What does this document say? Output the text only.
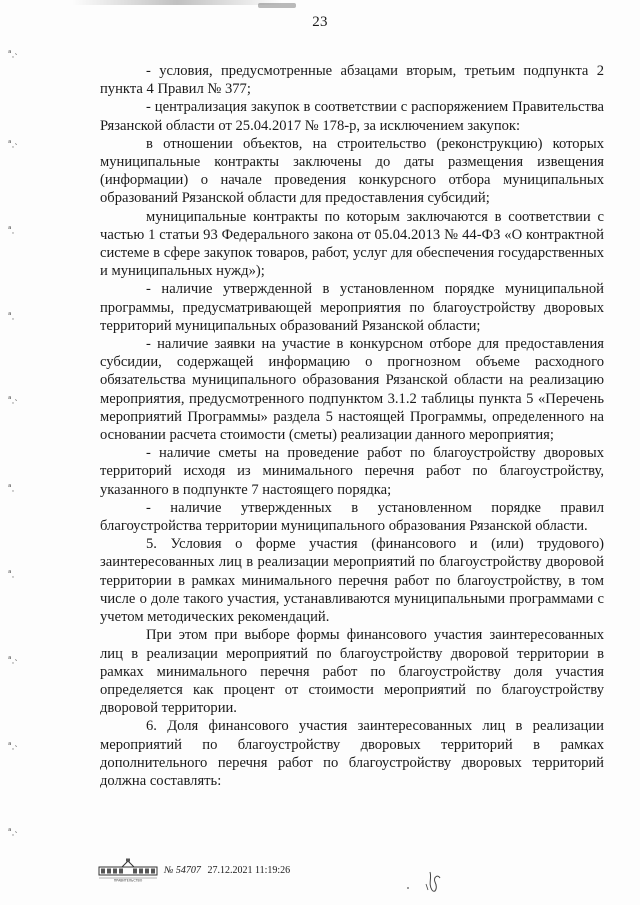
23
ᵃ˰˴
ᵃ˰˴
ᵃ˰
ᵃ˰
ᵃ˰˴
ᵃ˰
ᵃ˰
ᵃ˰˴
ᵃ˰˴
ᵃ˰˴

- условия, предусмотренные абзацами вторым, третьим подпункта 2 пункта 4 Правил № 377;

- централизация закупок в соответствии с распоряжением Правительства Рязанской области от 25.04.2017 № 178-р, за исключением закупок:

в отношении объектов, на строительство (реконструкцию) которых муниципальные контракты заключены до даты размещения извещения (информации) о начале проведения конкурсного отбора муниципальных образований Рязанской области для предоставления субсидий;

муниципальные контракты по которым заключаются в соответствии с частью 1 статьи 93 Федерального закона от 05.04.2013 № 44-ФЗ «О контрактной системе в сфере закупок товаров, работ, услуг для обеспечения государственных и муниципальных нужд»);

- наличие утвержденной в установленном порядке муниципальной программы, предусматривающей мероприятия по благоустройству дворовых территорий муниципальных образований Рязанской области;

- наличие заявки на участие в конкурсном отборе для предоставления субсидии, содержащей информацию о прогнозном объеме расходного обязательства муниципального образования Рязанской области на реализацию мероприятия, предусмотренного подпунктом 3.1.2 таблицы пункта 5 «Перечень мероприятий Программы» раздела 5 настоящей Программы, определенного на основании расчета стоимости (сметы) реализации данного мероприятия;

- наличие сметы на проведение работ по благоустройству дворовых территорий исходя из минимального перечня работ по благоустройству, указанного в подпункте 7 настоящего порядка;

- наличие утвержденных в установленном порядке правил благоустройства территории муниципального образования Рязанской области.

5. Условия о форме участия (финансового и (или) трудового) заинтересованных лиц в реализации мероприятий по благоустройству дворовой территории в рамках минимального перечня работ по благоустройству, в том числе о доле такого участия, устанавливаются муниципальными программами с учетом методических рекомендаций.

При этом при выборе формы финансового участия заинтересованных лиц в реализации мероприятий по благоустройству дворовой территории в рамках минимального перечня работ по благоустройству доля участия определяется как процент от стоимости мероприятий по благоустройству дворовой территории.

6. Доля финансового участия заинтересованных лиц в реализации мероприятий по благоустройству дворовых территорий в рамках дополнительного перечня работ по благоустройству дворовых территорий должна составлять:

ПРАВИТЕЛЬСТВО
№ 54707 27.12.2021 11:19:26
